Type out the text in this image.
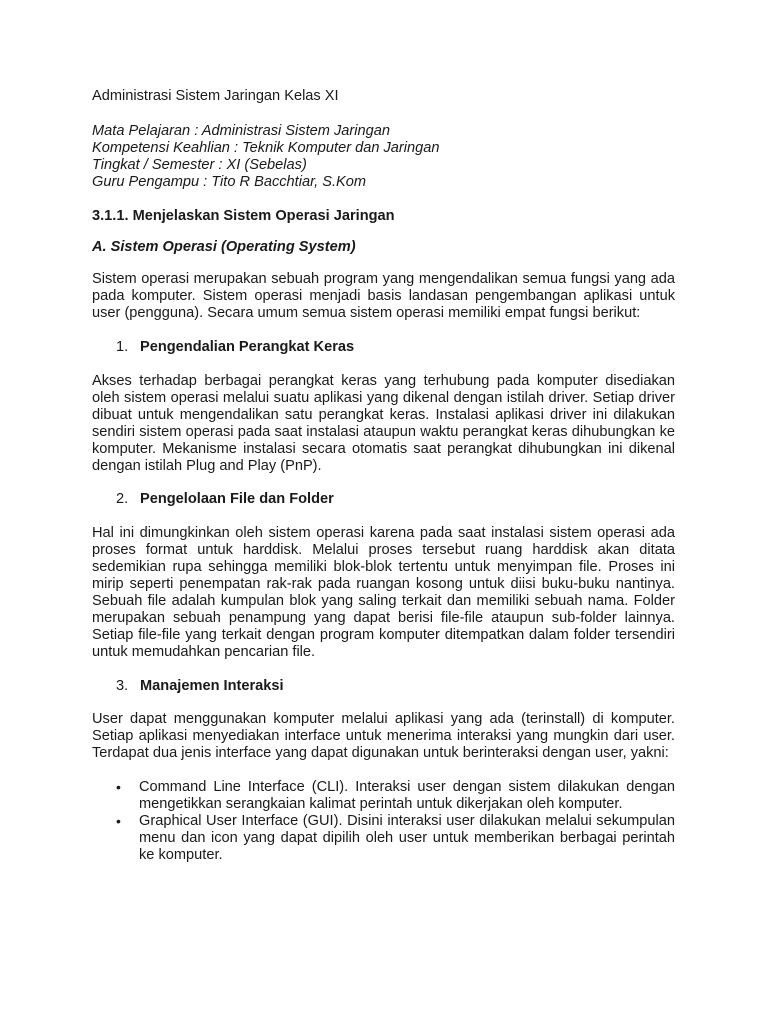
Administrasi Sistem Jaringan Kelas XI
Mata Pelajaran : Administrasi Sistem Jaringan
Kompetensi Keahlian : Teknik Komputer dan Jaringan
Tingkat / Semester : XI (Sebelas)
Guru Pengampu : Tito R Bacchtiar, S.Kom
3.1.1. Menjelaskan Sistem Operasi Jaringan
A. Sistem Operasi (Operating System)

Sistem operasi merupakan sebuah program yang mengendalikan semua fungsi yang ada pada komputer. Sistem operasi menjadi basis landasan pengembangan aplikasi untuk user (pengguna). Secara umum semua sistem operasi memiliki empat fungsi berikut:

1. Pengendalian Perangkat Keras

Akses terhadap berbagai perangkat keras yang terhubung pada komputer disediakan oleh sistem operasi melalui suatu aplikasi yang dikenal dengan istilah driver. Setiap driver dibuat untuk mengendalikan satu perangkat keras. Instalasi aplikasi driver ini dilakukan sendiri sistem operasi pada saat instalasi ataupun waktu perangkat keras dihubungkan ke komputer. Mekanisme instalasi secara otomatis saat perangkat dihubungkan ini dikenal dengan istilah Plug and Play (PnP).

2. Pengelolaan File dan Folder

Hal ini dimungkinkan oleh sistem operasi karena pada saat instalasi sistem operasi ada proses format untuk harddisk. Melalui proses tersebut ruang harddisk akan ditata sedemikian rupa sehingga memiliki blok-blok tertentu untuk menyimpan file. Proses ini mirip seperti penempatan rak-rak pada ruangan kosong untuk diisi buku-buku nantinya. Sebuah file adalah kumpulan blok yang saling terkait dan memiliki sebuah nama. Folder merupakan sebuah penampung yang dapat berisi file-file ataupun sub-folder lainnya. Setiap file-file yang terkait dengan program komputer ditempatkan dalam folder tersendiri untuk memudahkan pencarian file.

3. Manajemen Interaksi

User dapat menggunakan komputer melalui aplikasi yang ada (terinstall) di komputer. Setiap aplikasi menyediakan interface untuk menerima interaksi yang mungkin dari user. Terdapat dua jenis interface yang dapat digunakan untuk berinteraksi dengan user, yakni:

•	Command Line Interface (CLI). Interaksi user dengan sistem dilakukan dengan mengetikkan serangkaian kalimat perintah untuk dikerjakan oleh komputer.
•	Graphical User Interface (GUI). Disini interaksi user dilakukan melalui sekumpulan menu dan icon yang dapat dipilih oleh user untuk memberikan berbagai perintah ke komputer.
